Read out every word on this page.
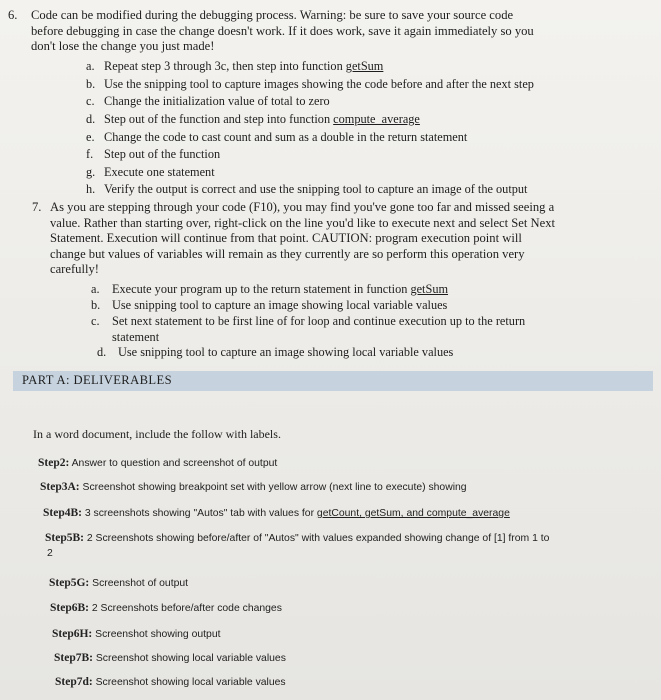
6. Code can be modified during the debugging process. Warning: be sure to save your source code
before debugging in case the change doesn't work. If it does work, save it again immediately so you
don't lose the change you just made!
a. Repeat step 3 through 3c, then step into function getSum
b. Use the snipping tool to capture images showing the code before and after the next step
c. Change the initialization value of total to zero
d. Step out of the function and step into function compute_average
e. Change the code to cast count and sum as a double in the return statement
f. Step out of the function
g. Execute one statement
h. Verify the output is correct and use the snipping tool to capture an image of the output
7. As you are stepping through your code (F10), you may find you've gone too far and missed seeing a
value. Rather than starting over, right-click on the line you'd like to execute next and select Set Next
Statement. Execution will continue from that point. CAUTION: program execution point will
change but values of variables will remain as they currently are so perform this operation very
carefully!
a. Execute your program up to the return statement in function getSum
b. Use snipping tool to capture an image showing local variable values
c. Set next statement to be first line of for loop and continue execution up to the return
statement
d. Use snipping tool to capture an image showing local variable values
PART A: DELIVERABLES
In a word document, include the follow with labels.
Step2: Answer to question and screenshot of output
Step3A: Screenshot showing breakpoint set with yellow arrow (next line to execute) showing
Step4B: 3 screenshots showing "Autos" tab with values for getCount, getSum, and compute_average
Step5B: 2 Screenshots showing before/after of "Autos" with values expanded showing change of [1] from 1 to
2
Step5G: Screenshot of output
Step6B: 2 Screenshots before/after code changes
Step6H: Screenshot showing output
Step7B: Screenshot showing local variable values
Step7d: Screenshot showing local variable values
